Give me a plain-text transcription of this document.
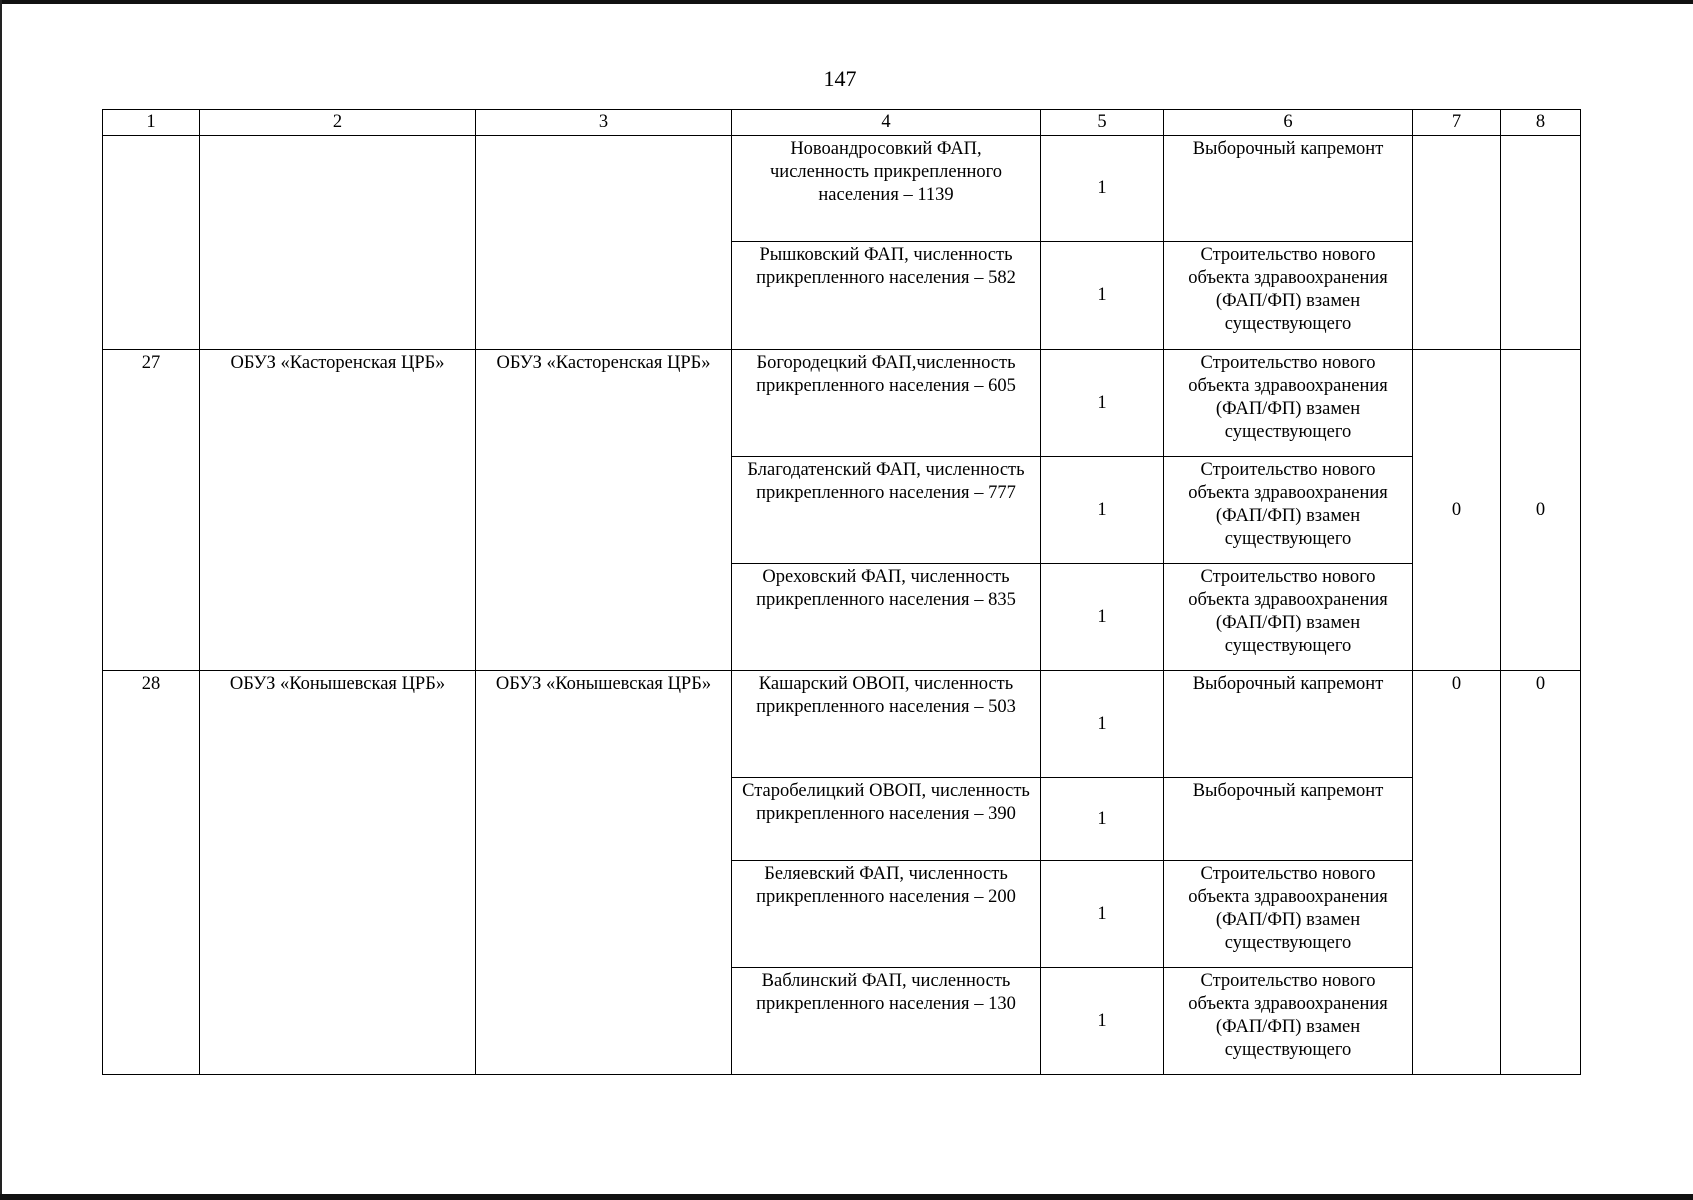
147
1	2	3	4	5	6	7	8
			Новоандросовкий ФАП, численность прикрепленного населения – 1139	1	Выборочный капремонт		
			Рышковский ФАП, численность прикрепленного населения – 582	1	Строительство нового объекта здравоохранения (ФАП/ФП) взамен существующего		
27	ОБУЗ «Касторенская ЦРБ»	ОБУЗ «Касторенская ЦРБ»	Богородецкий ФАП,численность прикрепленного населения – 605	1	Строительство нового объекта здравоохранения (ФАП/ФП) взамен существующего	0	0
			Благодатенский ФАП, численность прикрепленного населения – 777	1	Строительство нового объекта здравоохранения (ФАП/ФП) взамен существующего		
			Ореховский ФАП, численность прикрепленного населения – 835	1	Строительство нового объекта здравоохранения (ФАП/ФП) взамен существующего		
28	ОБУЗ «Конышевская ЦРБ»	ОБУЗ «Конышевская ЦРБ»	Кашарский ОВОП, численность прикрепленного населения – 503	1	Выборочный капремонт	0	0
			Старобелицкий ОВОП, численность прикрепленного населения – 390	1	Выборочный капремонт		
			Беляевский ФАП, численность прикрепленного населения – 200	1	Строительство нового объекта здравоохранения (ФАП/ФП) взамен существующего		
			Ваблинский ФАП, численность прикрепленного населения – 130	1	Строительство нового объекта здравоохранения (ФАП/ФП) взамен существующего		
